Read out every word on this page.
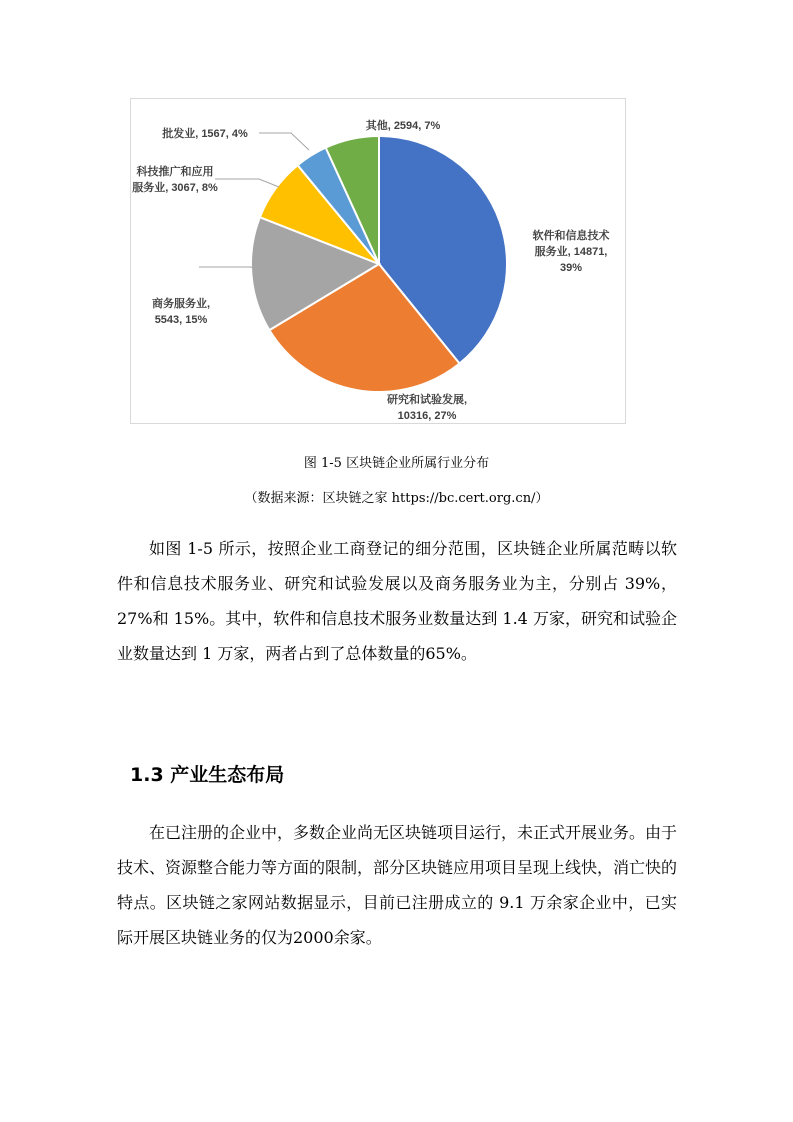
软件和信息技术服务业, 14871, 39%
研究和试验发展, 10316, 27%
商务服务业, 5543, 15%
科技推广和应用服务业, 3067, 8%
批发业, 1567, 4%
其他, 2594, 7%
图 1-5 区块链企业所属行业分布
（数据来源：区块链之家 https://bc.cert.org.cn/）

如图 1-5 所示，按照企业工商登记的细分范围，区块链企业所属范畴以软件和信息技术服务业、研究和试验发展以及商务服务业为主，分别占 39%，27%和 15%。其中，软件和信息技术服务业数量达到 1.4 万家，研究和试验企业数量达到 1 万家，两者占到了总体数量的65%。

1.3 产业生态布局

在已注册的企业中，多数企业尚无区块链项目运行，未正式开展业务。由于技术、资源整合能力等方面的限制，部分区块链应用项目呈现上线快，消亡快的特点。区块链之家网站数据显示，目前已注册成立的 9.1 万余家企业中，已实际开展区块链业务的仅为2000余家。
